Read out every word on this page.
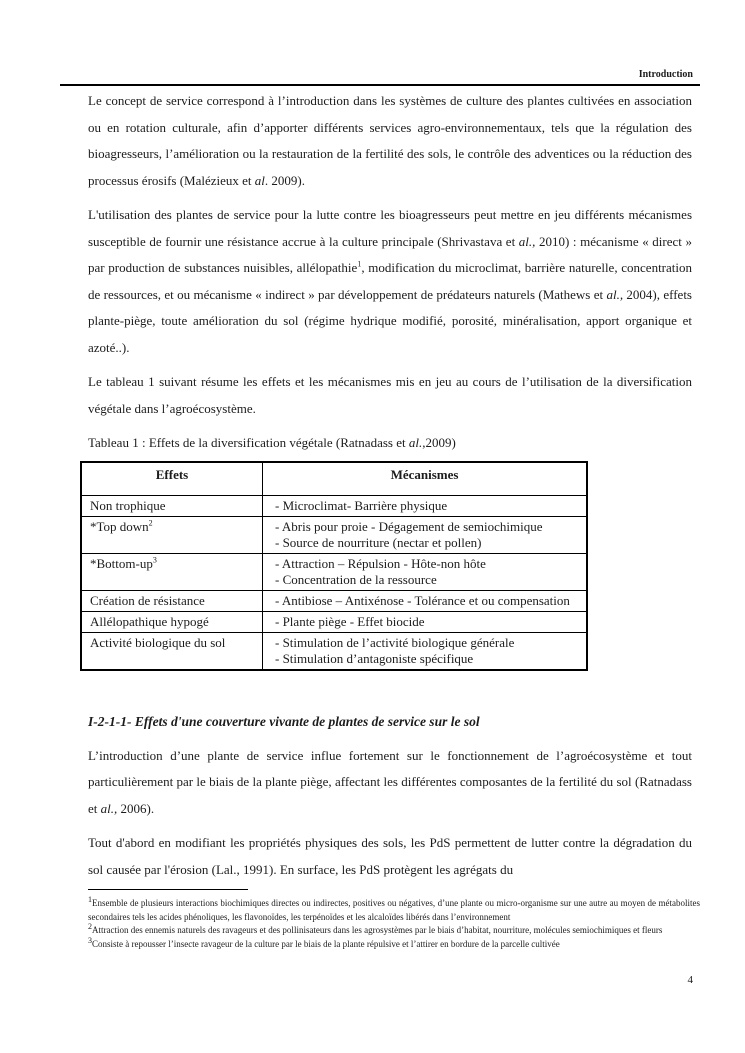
Introduction

Le concept de service correspond à l’introduction dans les systèmes de culture des plantes cultivées en association ou en rotation culturale, afin d’apporter différents services agro-environnementaux, tels que la régulation des bioagresseurs, l’amélioration ou la restauration de la fertilité des sols, le contrôle des adventices ou la réduction des processus érosifs (Malézieux et al. 2009).

L'utilisation des plantes de service pour la lutte contre les bioagresseurs peut mettre en jeu différents mécanismes susceptible de fournir une résistance accrue à la culture principale (Shrivastava et al., 2010) : mécanisme « direct » par production de substances nuisibles, allélopathie$^1$, modification du microclimat, barrière naturelle, concentration de ressources, et ou mécanisme « indirect » par développement de prédateurs naturels (Mathews et al., 2004), effets plante-piège, toute amélioration du sol (régime hydrique modifié, porosité, minéralisation, apport organique et azoté..).

Le tableau 1 suivant résume les effets et les mécanismes mis en jeu au cours de l’utilisation de la diversification végétale dans l’agroécosystème.

Tableau 1 : Effets de la diversification végétale (Ratnadass et al.,2009)

Effets	Mécanismes
Non trophique	- Microclimat- Barrière physique

*Top down$^2$	- Abris pour proie - Dégagement de semiochimique
- Source de nourriture (nectar et pollen)

$*Bottom-up^3$	- Attraction – Répulsion - Hôte-non hôte
- Concentration de la ressource

Création de résistance	- Antibiose – Antixénose - Tolérance et ou compensation

Allélopathique hypogé	- Plante piège - Effet biocide

Activité biologique du sol	- Stimulation de l’activité biologique générale
- Stimulation d’antagoniste spécifique
I-2-1-1- Effets d'une couverture vivante de plantes de service sur le sol

L’introduction d’une plante de service influe fortement sur le fonctionnement de l’agroécosystème et tout particulièrement par le biais de la plante piège, affectant les différentes composantes de la fertilité du sol (Ratnadass et al., 2006).

Tout d'abord en modifiant les propriétés physiques des sols, les PdS permettent de lutter contre la dégradation du sol causée par l'érosion (Lal., 1991). En surface, les PdS protègent les agrégats du

$^1$Ensemble de plusieurs interactions biochimiques directes ou indirectes, positives ou négatives, d’une plante ou micro-organisme sur une autre au moyen de métabolites secondaires tels les acides phénoliques, les flavonoïdes, les terpénoïdes et les alcaloïdes libérés dans l’environnement
$^2$Attraction des ennemis naturels des ravageurs et des pollinisateurs dans les agrosystèmes par le biais d’habitat, nourriture, molécules semiochimiques et fleurs
$^3$Consiste à repousser l’insecte ravageur de la culture par le biais de la plante répulsive et l’attirer en bordure de la parcelle cultivée
4
